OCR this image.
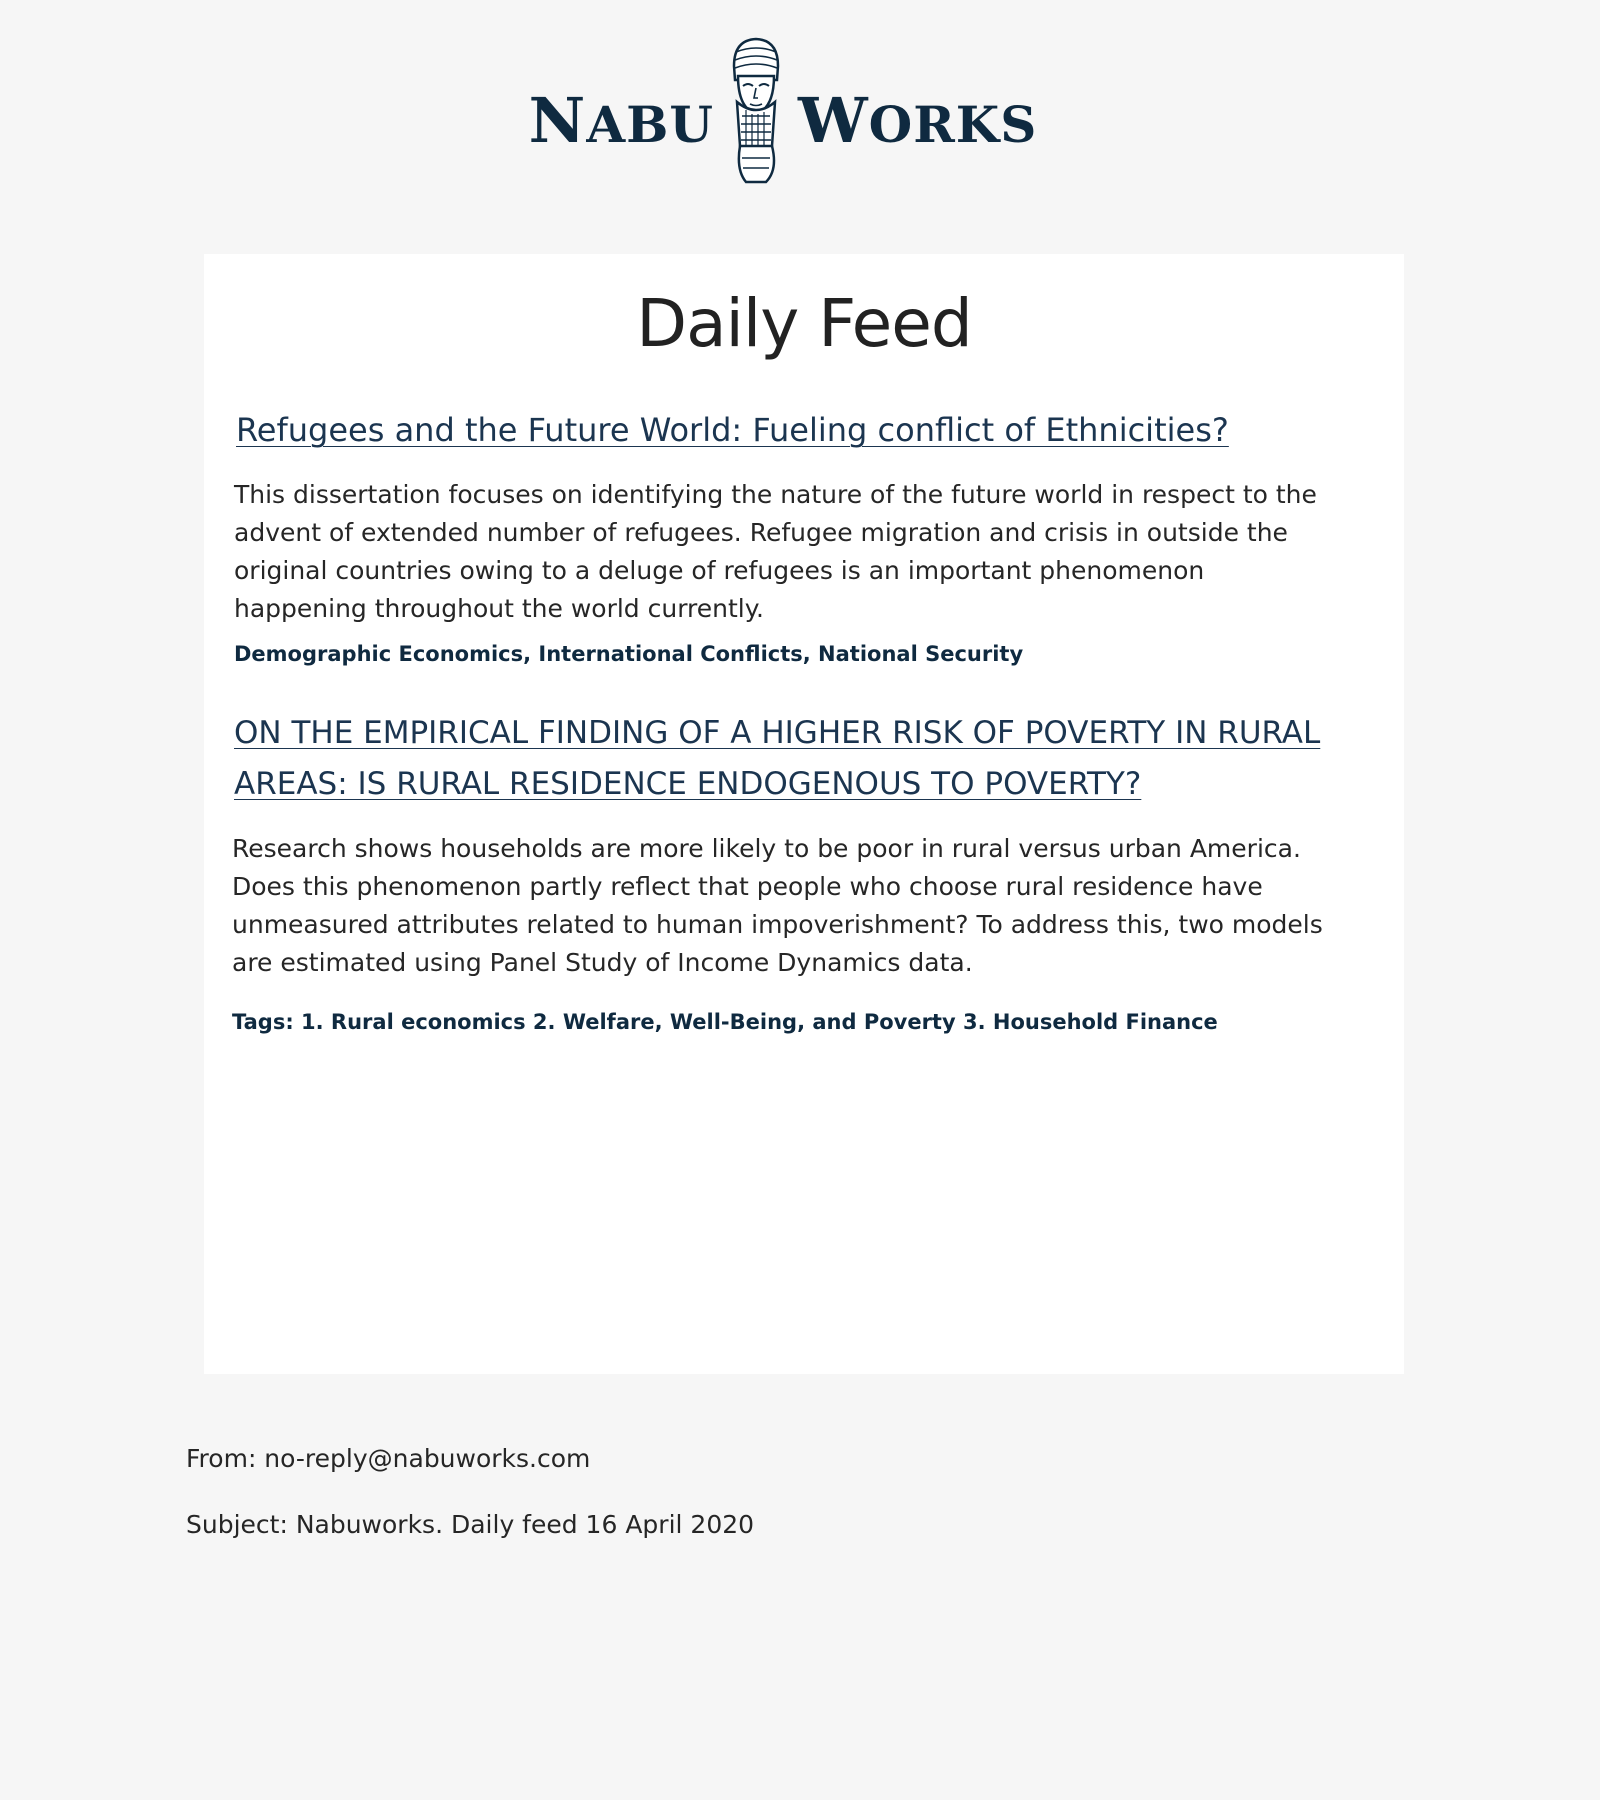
NABU WORKS
Daily Feed
Refugees and the Future World: Fueling conflict of Ethnicities?

This dissertation focuses on identifying the nature of the future world in respect to the advent of extended number of refugees. Refugee migration and crisis in outside the original countries owing to a deluge of refugees is an important phenomenon happening throughout the world currently.

Demographic Economics, International Conflicts, National Security

ON THE EMPIRICAL FINDING OF A HIGHER RISK OF POVERTY IN RURAL AREAS: IS RURAL RESIDENCE ENDOGENOUS TO POVERTY?

Research shows households are more likely to be poor in rural versus urban America. Does this phenomenon partly reflect that people who choose rural residence have unmeasured attributes related to human impoverishment? To address this, two models are estimated using Panel Study of Income Dynamics data.

Tags: 1. Rural economics 2. Welfare, Well-Being, and Poverty 3. Household Finance

From: no-reply@nabuworks.com

Subject: Nabuworks. Daily feed 16 April 2020
